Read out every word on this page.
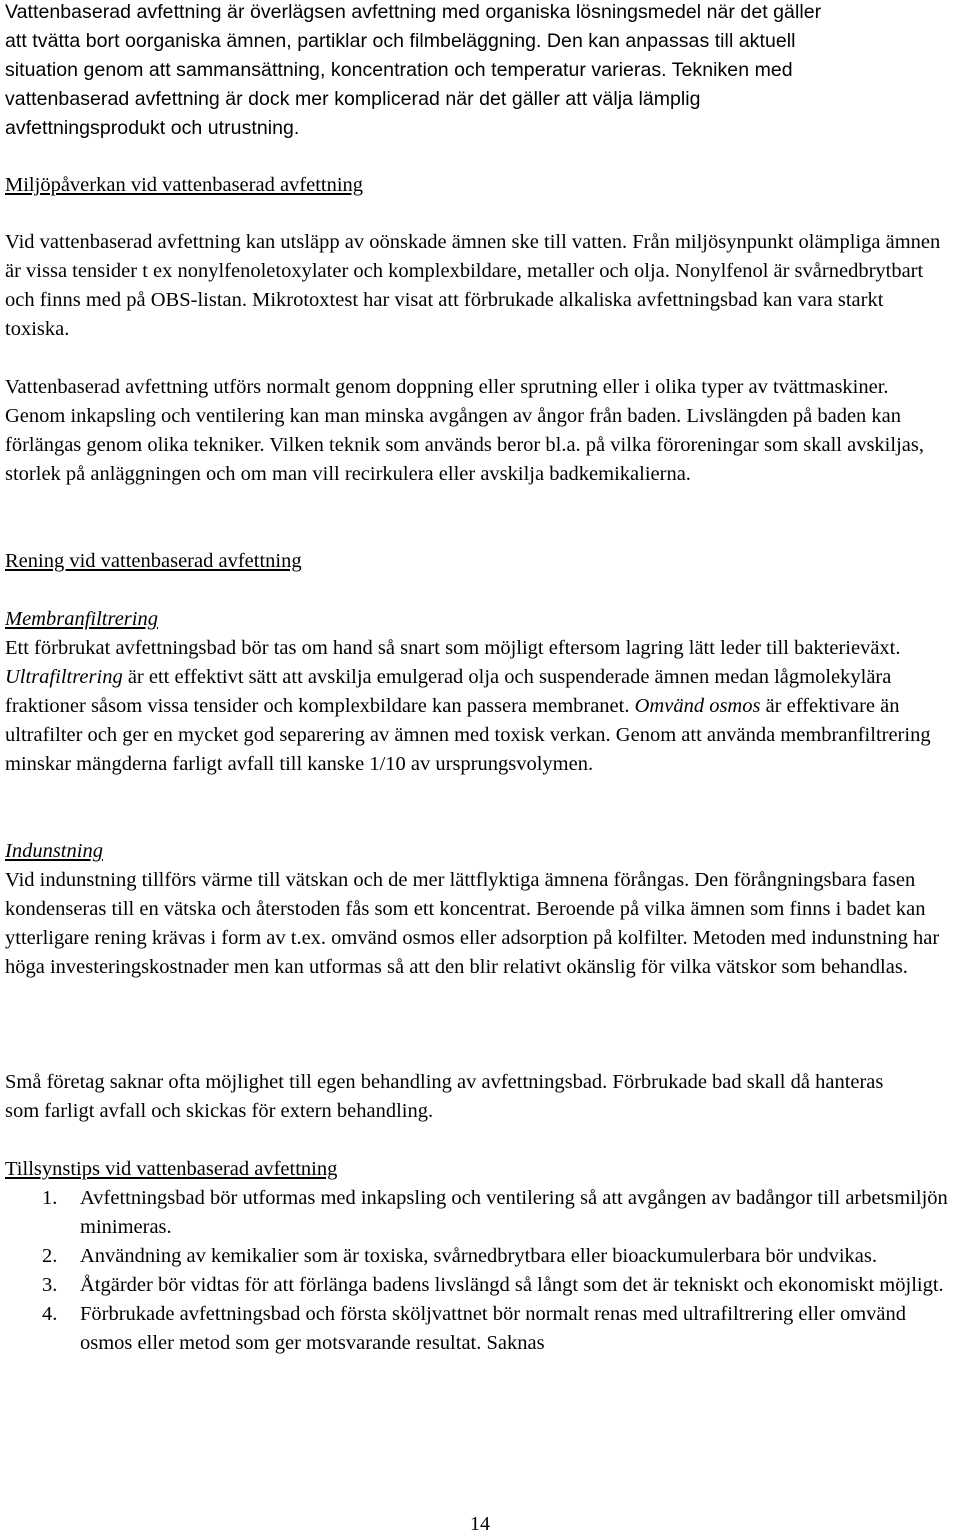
Vattenbaserad avfettning är överlägsen avfettning med organiska lösningsmedel när det gäller

att tvätta bort oorganiska ämnen, partiklar och filmbeläggning. Den kan anpassas till aktuell

situation genom att sammansättning, koncentration och temperatur varieras. Tekniken med

vattenbaserad avfettning är dock mer komplicerad när det gäller att välja lämplig

avfettningsprodukt och utrustning.

Miljöpåverkan vid vattenbaserad avfettning

Vid vattenbaserad avfettning kan utsläpp av oönskade ämnen ske till vatten. Från miljösynpunkt olämpliga ämnen är vissa tensider t ex nonylfenoletoxylater och komplexbildare, metaller och olja. Nonylfenol är svårnedbrytbart och finns med på OBS-listan. Mikrotoxtest har visat att förbrukade alkaliska avfettningsbad kan vara starkt toxiska.

Vattenbaserad avfettning utförs normalt genom doppning eller sprutning eller i olika typer av tvättmaskiner. Genom inkapsling och ventilering kan man minska avgången av ångor från baden. Livslängden på baden kan förlängas genom olika tekniker. Vilken teknik som används beror bl.a. på vilka föroreningar som skall avskiljas, storlek på anläggningen och om man vill recirkulera eller avskilja badkemikalierna.

Rening vid vattenbaserad avfettning

Membranfiltrering

Ett förbrukat avfettningsbad bör tas om hand så snart som möjligt eftersom lagring lätt leder till bakterieväxt. Ultrafiltrering är ett effektivt sätt att avskilja emulgerad olja och suspenderade ämnen medan lågmolekylära fraktioner såsom vissa tensider och komplexbildare kan passera membranet. Omvänd osmos är effektivare än ultrafilter och ger en mycket god separering av ämnen med toxisk verkan. Genom att använda membranfiltrering minskar mängderna farligt avfall till kanske 1/10 av ursprungsvolymen.

Indunstning

Vid indunstning tillförs värme till vätskan och de mer lättflyktiga ämnena förångas. Den förångningsbara fasen kondenseras till en vätska och återstoden fås som ett koncentrat. Beroende på vilka ämnen som finns i badet kan ytterligare rening krävas i form av t.ex. omvänd osmos eller adsorption på kolfilter. Metoden med indunstning har höga investeringskostnader men kan utformas så att den blir relativt okänslig för vilka vätskor som behandlas.

Små företag saknar ofta möjlighet till egen behandling av avfettningsbad. Förbrukade bad skall då hanteras som farligt avfall och skickas för extern behandling.

Tillsynstips vid vattenbaserad avfettning

1. Avfettningsbad bör utformas med inkapsling och ventilering så att avgången av badångor till arbetsmiljön minimeras.
2. Användning av kemikalier som är toxiska, svårnedbrytbara eller bioackumulerbara bör undvikas.
3. Åtgärder bör vidtas för att förlänga badens livslängd så långt som det är tekniskt och ekonomiskt möjligt.
4. Förbrukade avfettningsbad och första sköljvattnet bör normalt renas med ultrafiltrering eller omvänd osmos eller metod som ger motsvarande resultat. Saknas
14
